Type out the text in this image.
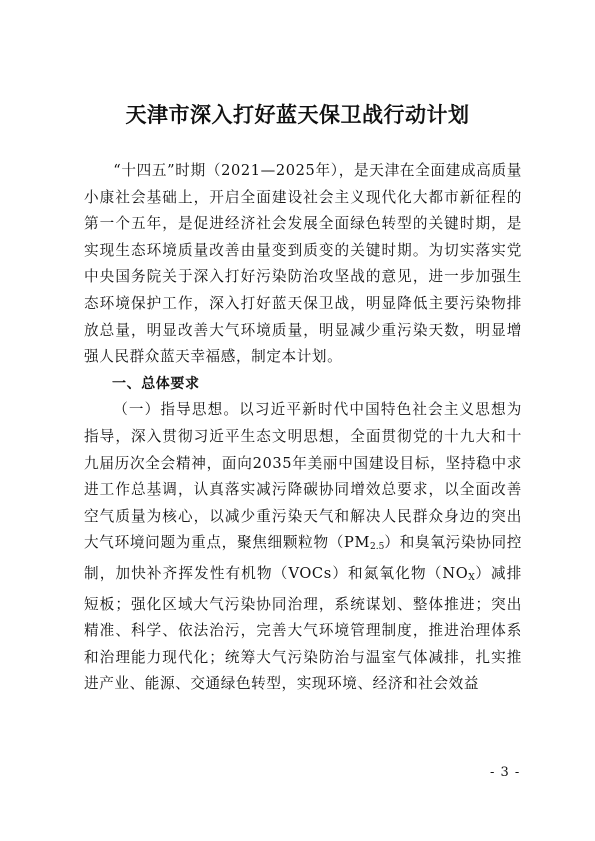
天津市深入打好蓝天保卫战行动计划

“十四五”时期（2021—2025年），是天津在全面建成高质量小康社会基础上，开启全面建设社会主义现代化大都市新征程的第一个五年，是促进经济社会发展全面绿色转型的关键时期，是实现生态环境质量改善由量变到质变的关键时期。为切实落实党中央国务院关于深入打好污染防治攻坚战的意见，进一步加强生态环境保护工作，深入打好蓝天保卫战，明显降低主要污染物排放总量，明显改善大气环境质量，明显减少重污染天数，明显增强人民群众蓝天幸福感，制定本计划。

一、总体要求

（一）指导思想。以习近平新时代中国特色社会主义思想为指导，深入贯彻习近平生态文明思想，全面贯彻党的十九大和十九届历次全会精神，面向2035年美丽中国建设目标，坚持稳中求进工作总基调，认真落实减污降碳协同增效总要求，以全面改善空气质量为核心，以减少重污染天气和解决人民群众身边的突出大气环境问题为重点，聚焦细颗粒物$(PM_{2.5})$和臭氧污染协同控制，加快补齐挥发性有机物（VOCs）和氮氧化物$(NO_X)$减排短板；强化区域大气污染协同治理，系统谋划、整体推进；突出精准、科学、依法治污，完善大气环境管理制度，推进治理体系和治理能力现代化；统筹大气污染防治与温室气体减排，扎实推进产业、能源、交通绿色转型，实现环境、经济和社会效益

- 3 -
